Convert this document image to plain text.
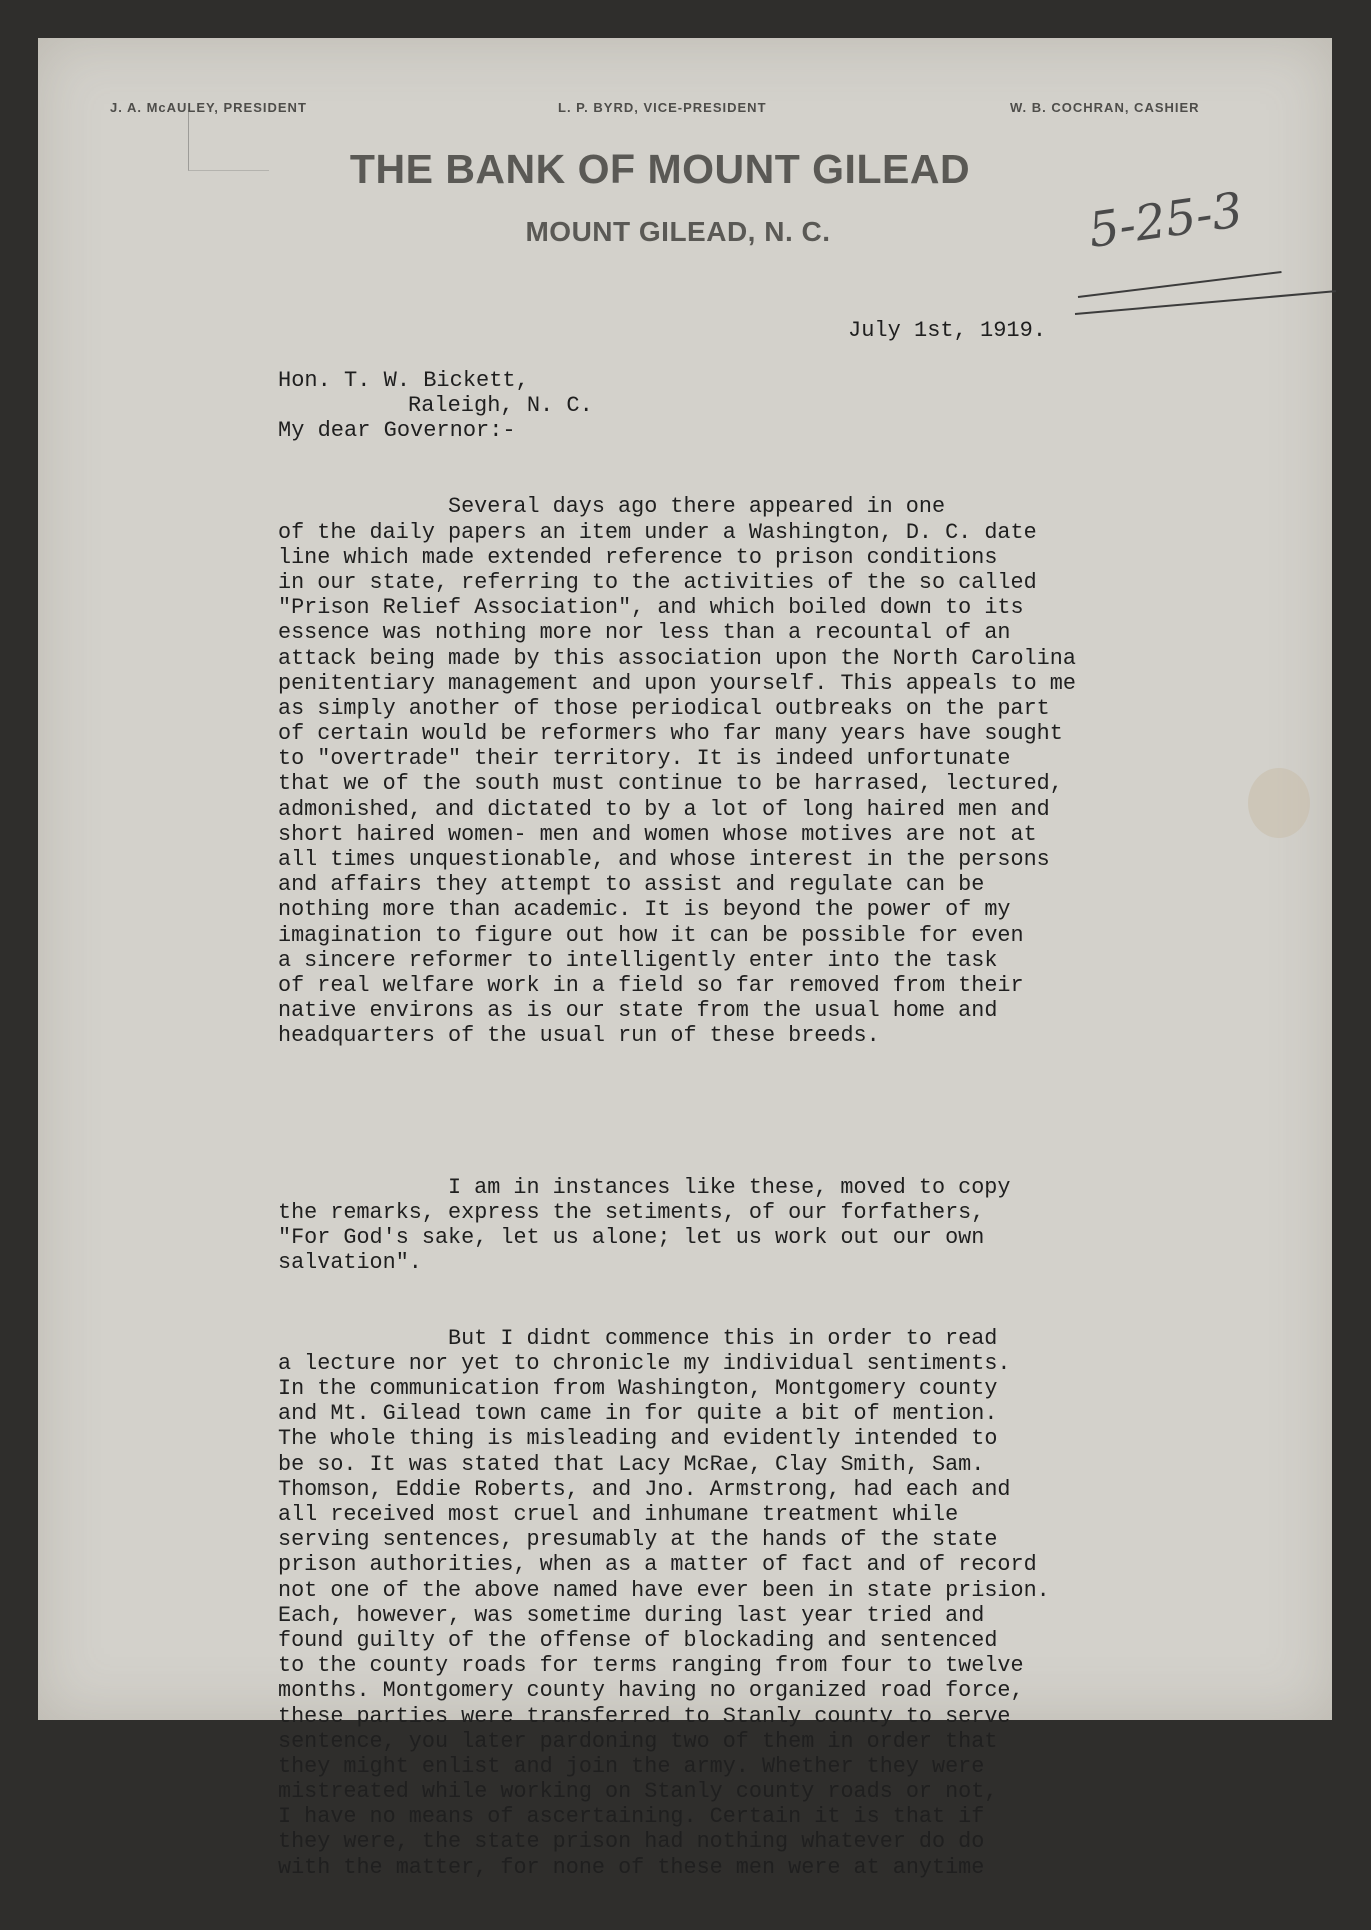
J. A. McAULEY, PRESIDENT	L. P. BYRD, VICE-PRESIDENT	W. B. COCHRAN, CASHIER
THE BANK OF MOUNT GILEAD
MOUNT GILEAD, N. C.	5-25-3
July 1st, 1919.
Hon. T. W. Bickett,
Raleigh, N. C.
My dear Governor:-

Several days ago there appeared in one
of the daily papers an item under a Washington, D. C. date
line which made extended reference to prison conditions
in our state, referring to the activities of the so called
"Prison Relief Association", and which boiled down to its
essence was nothing more nor less than a recountal of an
attack being made by this association upon the North Carolina
penitentiary management and upon yourself. This appeals to me
as simply another of those periodical outbreaks on the part
of certain would be reformers who far many years have sought
to "overtrade" their territory. It is indeed unfortunate
that we of the south must continue to be harrased, lectured,
admonished, and dictated to by a lot of long haired men and
short haired women- men and women whose motives are not at
all times unquestionable, and whose interest in the persons
and affairs they attempt to assist and regulate can be
nothing more than academic. It is beyond the power of my
imagination to figure out how it can be possible for even
a sincere reformer to intelligently enter into the task
of real welfare work in a field so far removed from their
native environs as is our state from the usual home and
headquarters of the usual run of these breeds.

I am in instances like these, moved to copy
the remarks, express the setiments, of our forfathers,
"For God's sake, let us alone; let us work out our own
salvation".

But I didnt commence this in order to read
a lecture nor yet to chronicle my individual sentiments.
In the communication from Washington, Montgomery county
and Mt. Gilead town came in for quite a bit of mention.
The whole thing is misleading and evidently intended to
be so. It was stated that Lacy McRae, Clay Smith, Sam.
Thomson, Eddie Roberts, and Jno. Armstrong, had each and
all received most cruel and inhumane treatment while
serving sentences, presumably at the hands of the state
prison authorities, when as a matter of fact and of record
not one of the above named have ever been in state prision.
Each, however, was sometime during last year tried and
found guilty of the offense of blockading and sentenced
to the county roads for terms ranging from four to twelve
months. Montgomery county having no organized road force,
these parties were transferred to Stanly county to serve
sentence, you later pardoning two of them in order that
they might enlist and join the army. Whether they were
mistreated while working on Stanly county roads or not,
I have no means of ascertaining. Certain it is that if
they were, the state prison had nothing whatever do do
with the matter, for none of these men were at anytime
